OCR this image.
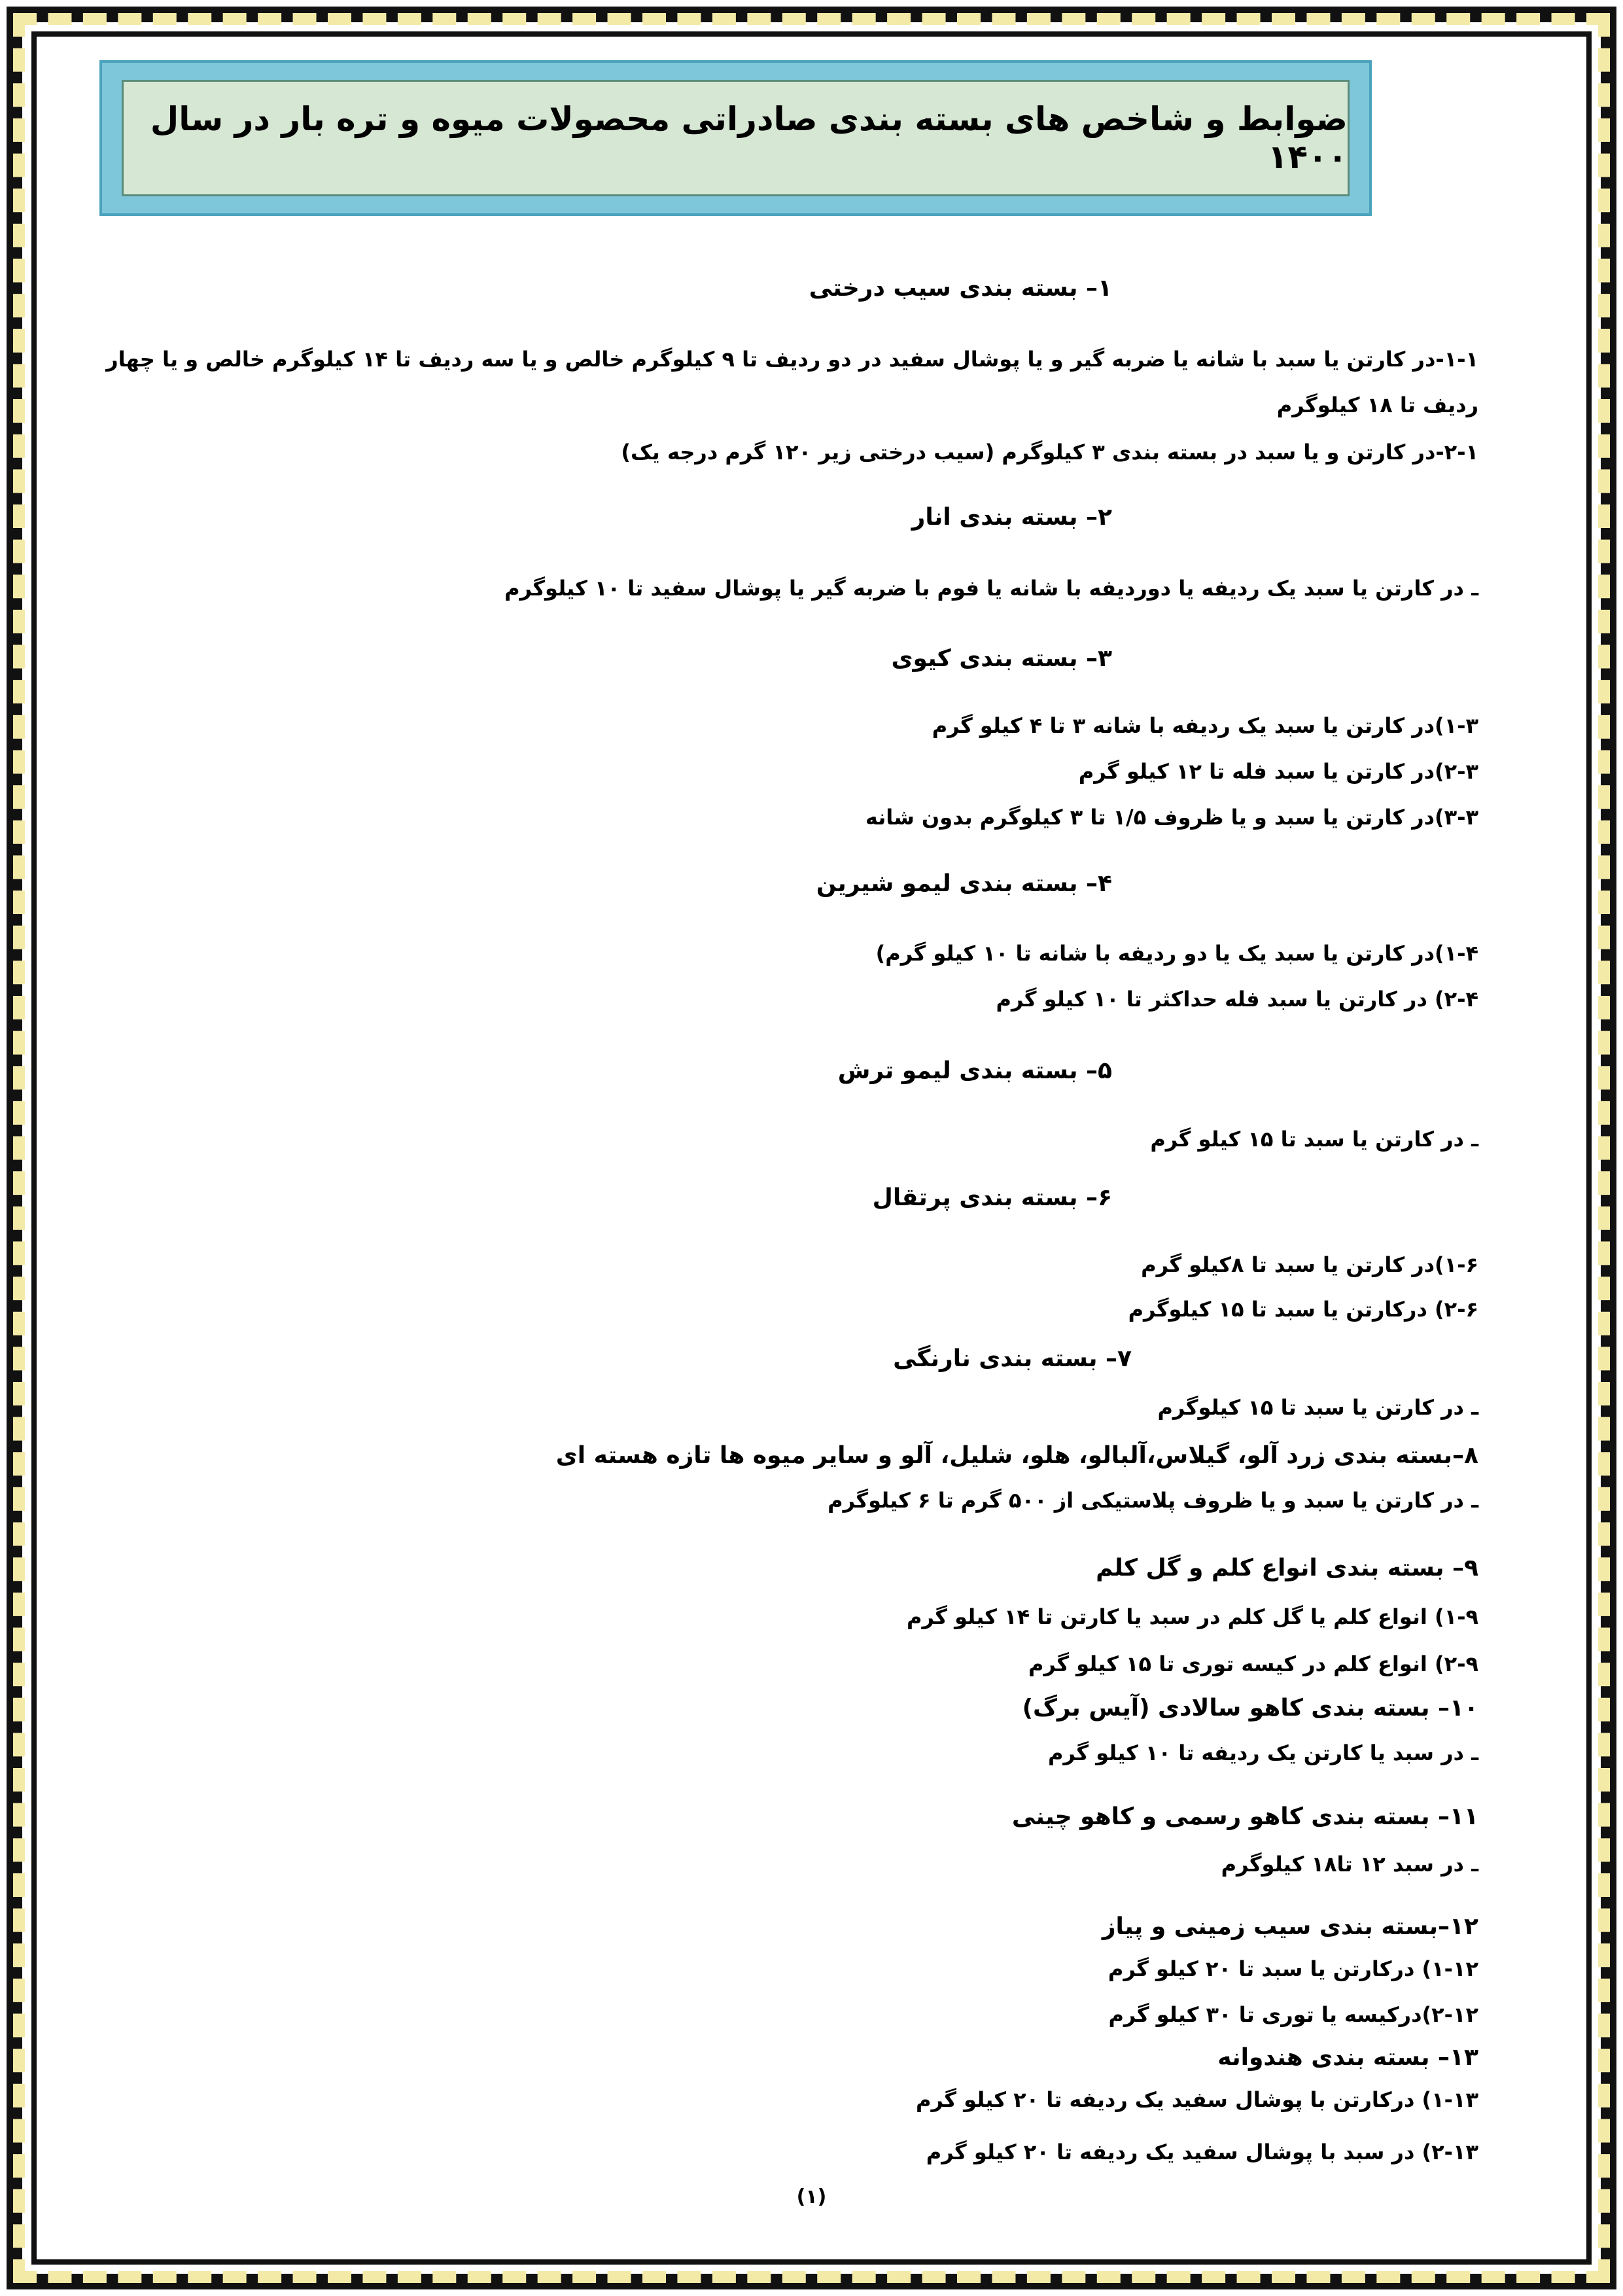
ضوابط و شاخص های بسته بندی صادراتی محصولات میوه و تره بار در سال ۱۴۰۰
۱– بسته بندی سیب درختی
۱-۱-در کارتن یا سبد با شانه یا ضربه گیر و یا پوشال سفید در دو ردیف تا ۹ کیلوگرم خالص و یا سه ردیف تا ۱۴ کیلوگرم خالص و یا چهار
ردیف تا ۱۸ کیلوگرم
۲-۱-در کارتن و یا سبد در بسته بندی ۳ کیلوگرم (سیب درختی زیر ۱۲۰ گرم درجه یک)
۲– بسته بندی انار
ـ در کارتن یا سبد یک ردیفه یا دوردیفه با شانه یا فوم با ضربه گیر یا پوشال سفید تا ۱۰ کیلوگرم
۳– بسته بندی کیوی
۱-۳)در کارتن یا سبد یک ردیفه با شانه ۳ تا ۴ کیلو گرم
۲-۳)در کارتن یا سبد فله تا ۱۲ کیلو گرم
۳-۳)در کارتن یا سبد و یا ظروف ۱/۵ تا ۳ کیلوگرم بدون شانه
۴– بسته بندی لیمو شیرین
۱-۴)در کارتن یا سبد یک یا دو ردیفه با شانه تا ۱۰ کیلو گرم)
۲-۴) در کارتن یا سبد فله حداکثر تا ۱۰ کیلو گرم
۵– بسته بندی لیمو ترش
ـ در کارتن یا سبد تا ۱۵ کیلو گرم
۶– بسته بندی پرتقال
۱-۶)در کارتن یا سبد تا ۸کیلو گرم
۲-۶) درکارتن یا سبد تا ۱۵ کیلوگرم
۷– بسته بندی نارنگی
ـ در کارتن یا سبد تا ۱۵ کیلوگرم
۸–بسته بندی زرد آلو، گیلاس،آلبالو، هلو، شلیل، آلو و سایر میوه ها تازه هسته ای
ـ در کارتن یا سبد و یا ظروف پلاستیکی از ۵۰۰ گرم تا ۶ کیلوگرم
۹– بسته بندی انواع کلم و گل کلم
۱-۹) انواع کلم یا گل کلم در سبد یا کارتن تا ۱۴ کیلو گرم
۲-۹) انواع کلم در کیسه توری تا ۱۵ کیلو گرم
۱۰– بسته بندی کاهو سالادی (آیس برگ)
ـ در سبد یا کارتن یک ردیفه تا ۱۰ کیلو گرم
۱۱– بسته بندی کاهو رسمی و کاهو چینی
ـ در سبد ۱۲ تا۱۸ کیلوگرم
۱۲–بسته بندی سیب زمینی و پیاز
۱-۱۲) درکارتن یا سبد تا ۲۰ کیلو گرم
۲-۱۲)درکیسه یا توری تا ۳۰ کیلو گرم
۱۳– بسته بندی هندوانه
۱-۱۳) درکارتن با پوشال سفید یک ردیفه تا ۲۰ کیلو گرم
۲-۱۳) در سبد با پوشال سفید یک ردیفه تا ۲۰ کیلو گرم
(۱)
